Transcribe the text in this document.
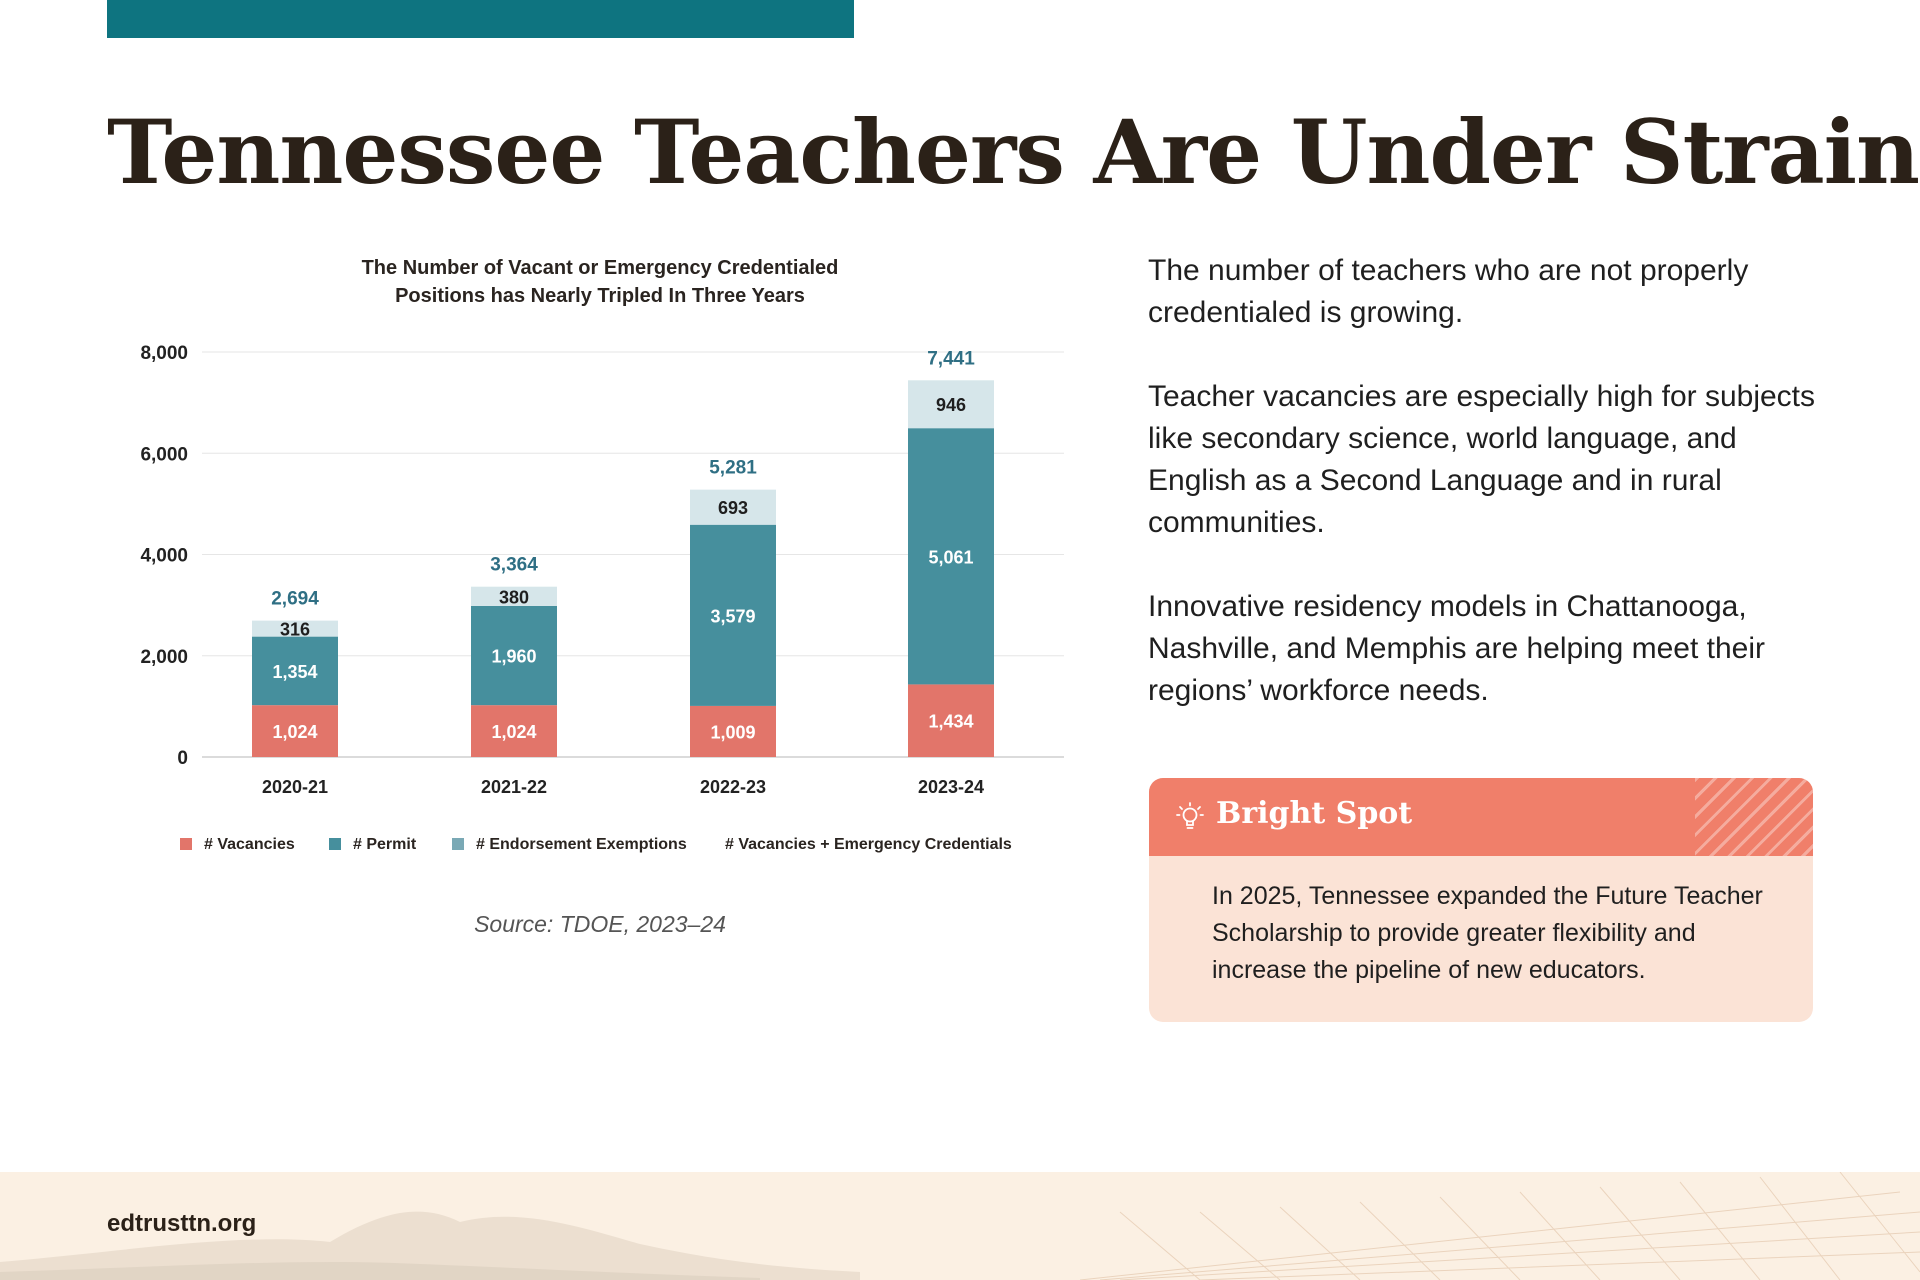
Tennessee Teachers Are Under Strain
The Number of Vacant or Emergency Credentialed
Positions has Nearly Tripled In Three Years
0
2,000
4,000
6,000
8,000
1,024
1,354
316
2,694
2020-21
1,024
1,960
380
3,364
2021-22
1,009
3,579
693
5,281
2022-23
1,434
5,061
946
7,441
2023-24
# Vacancies	# Permit	# Endorsement Exemptions # Vacancies + Emergency Credentials
Source: TDOE, 2023–24

The number of teachers who are not properly credentialed is growing.

Teacher vacancies are especially high for subjects like secondary science, world language, and English as a Second Language and in rural communities.

Innovative residency models in Chattanooga, Nashville, and Memphis are helping meet their regions’ workforce needs.

Bright Spot
In 2025, Tennessee expanded the Future Teacher Scholarship to provide greater flexibility and increase the pipeline of new educators.
edtrusttn.org
